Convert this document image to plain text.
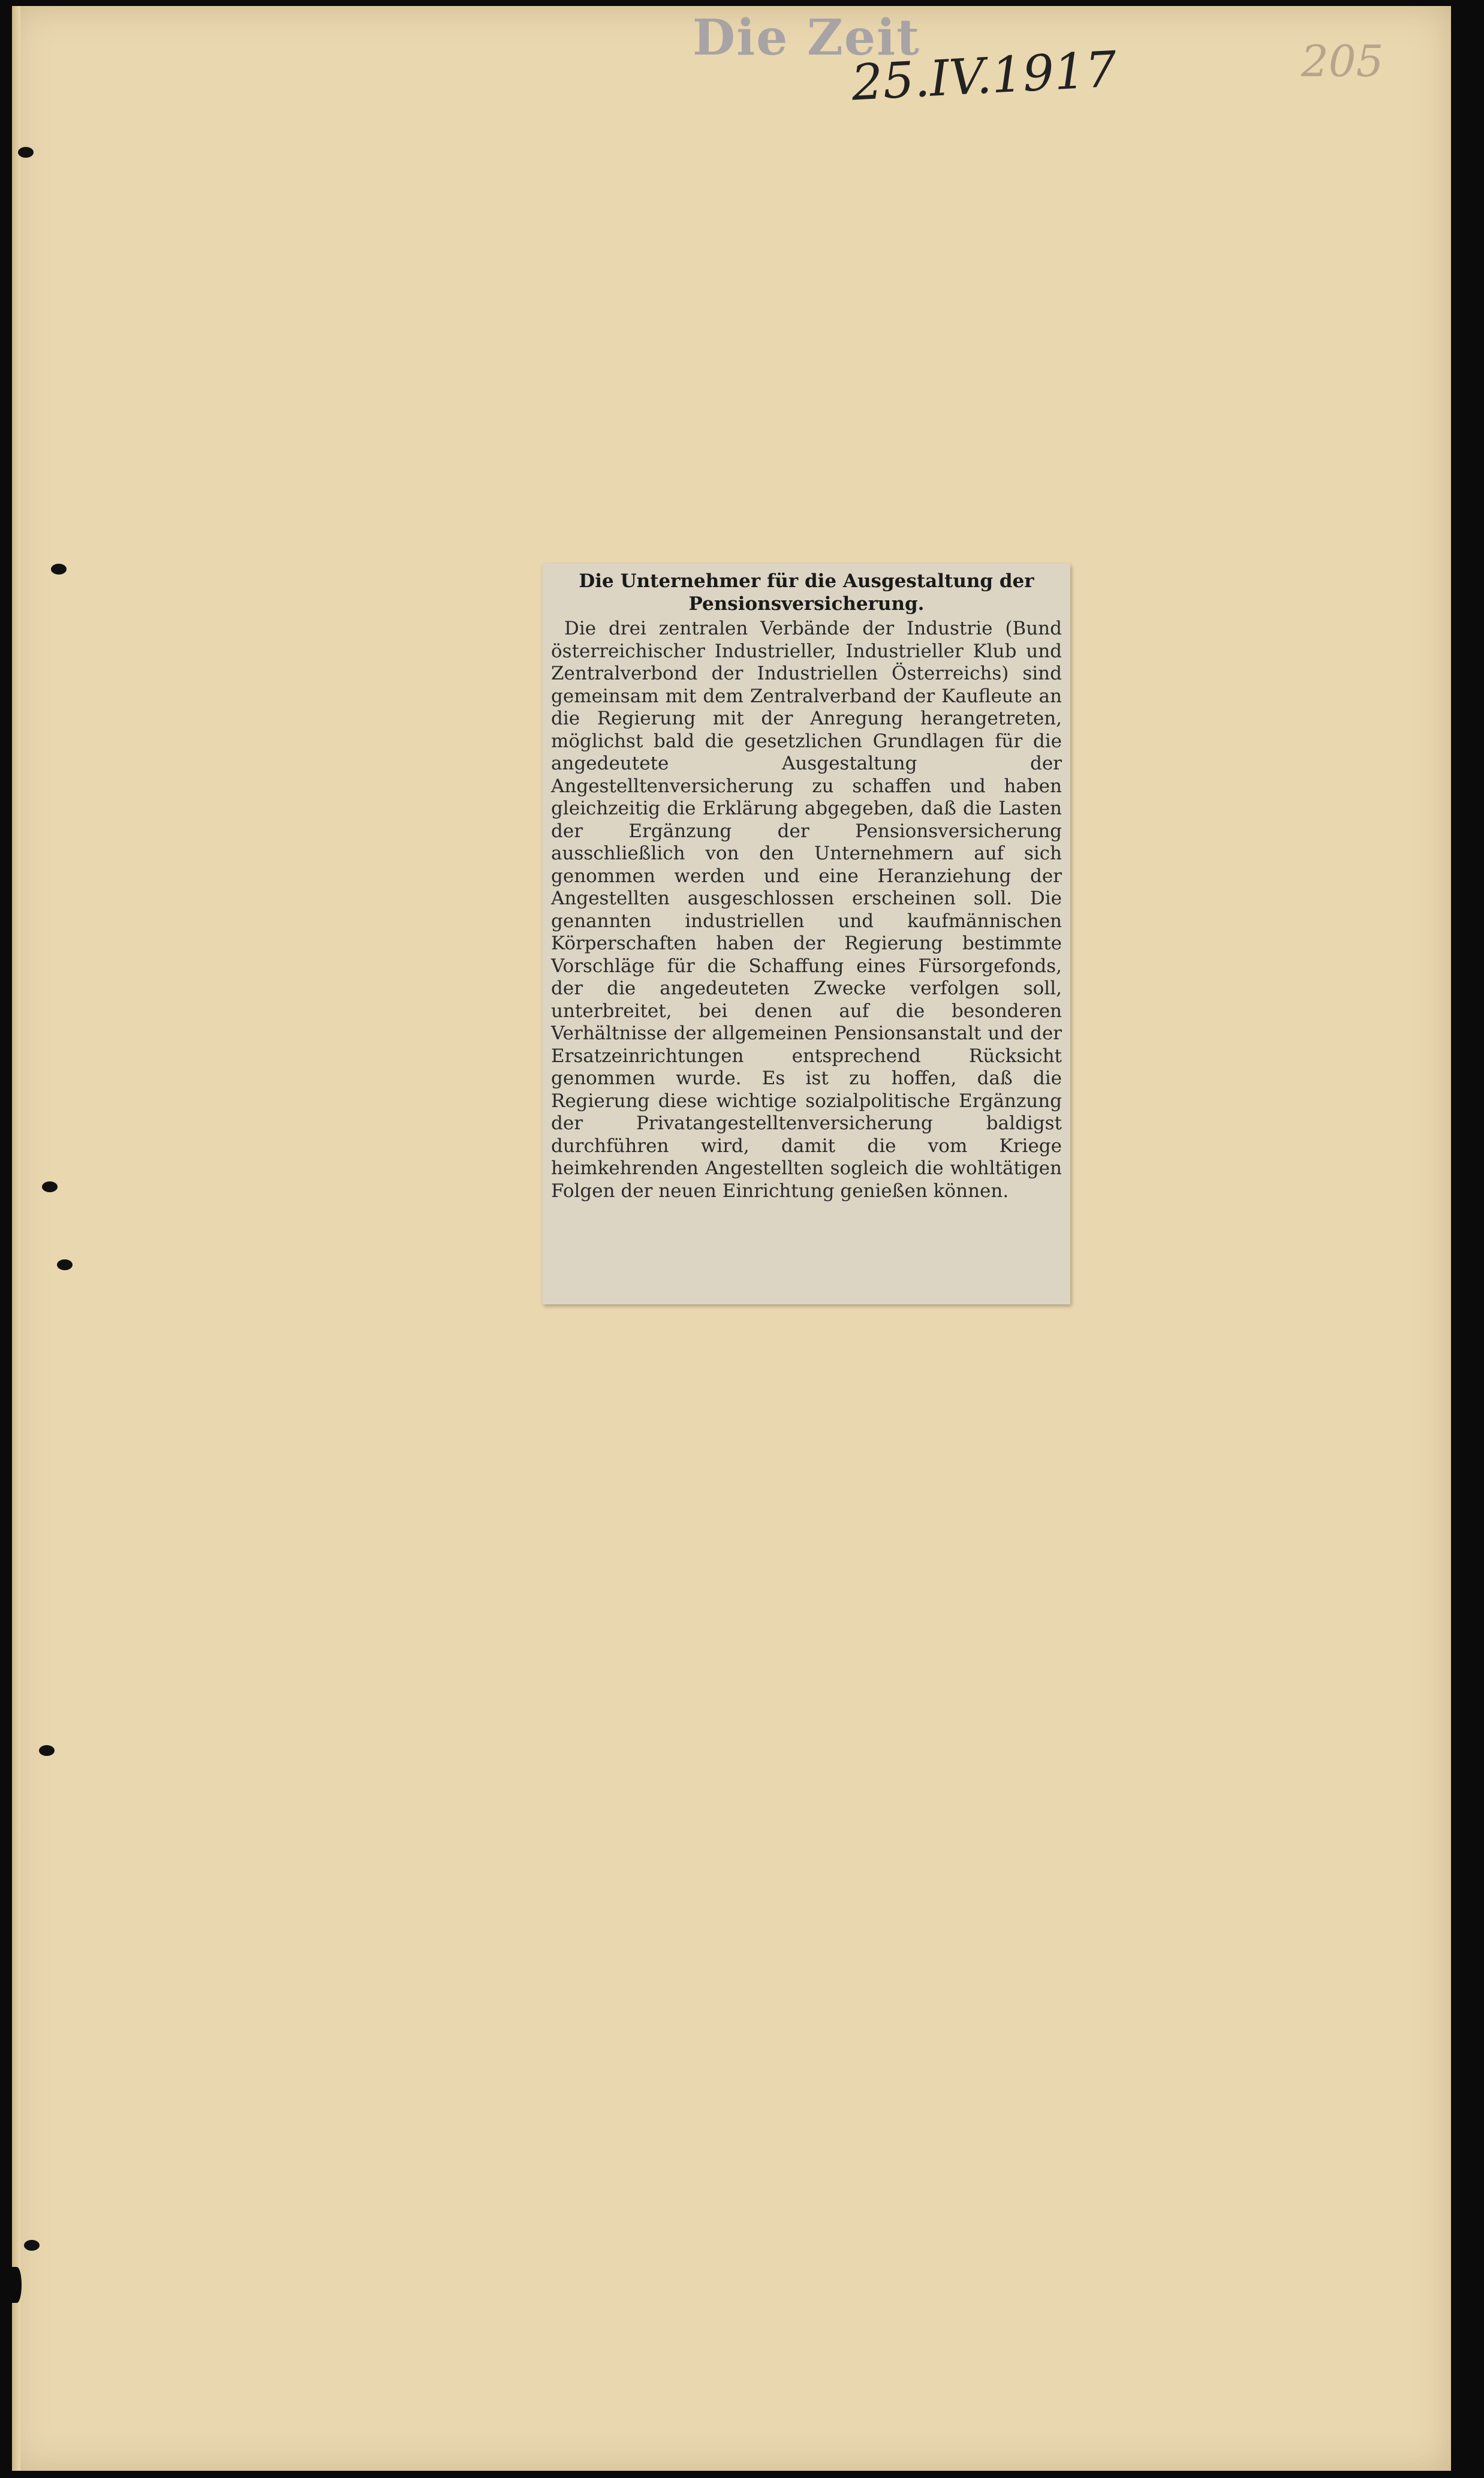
Die Zeit
25.IV.1917	205
Die Unternehmer für die Ausgestaltung der Pensionsversicherung.

Die drei zentralen Verbände der Industrie (Bund österreichischer Industrieller, Industrieller Klub und Zentralverbond der Industriellen Österreichs) sind gemeinsam mit dem Zentralverband der Kaufleute an die Regierung mit der Anregung herangetreten, möglichst bald die gesetzlichen Grundlagen für die angedeutete Ausgestaltung der Angestelltenversicherung zu schaffen und haben gleichzeitig die Erklärung abgegeben, daß die Lasten der Ergänzung der Pensionsversicherung ausschließlich von den Unternehmern auf sich genommen werden und eine Heranziehung der Angestellten ausgeschlossen erscheinen soll. Die genannten industriellen und kaufmännischen Körperschaften haben der Regierung bestimmte Vorschläge für die Schaffung eines Fürsorgefonds, der die angedeuteten Zwecke verfolgen soll, unterbreitet, bei denen auf die besonderen Verhältnisse der allgemeinen Pensionsanstalt und der Ersatzeinrichtungen entsprechend Rücksicht genommen wurde. Es ist zu hoffen, daß die Regierung diese wichtige sozialpolitische Ergänzung der Privatangestelltenversicherung baldigst durchführen wird, damit die vom Kriege heimkehrenden Angestellten sogleich die wohltätigen Folgen der neuen Einrichtung genießen können.
